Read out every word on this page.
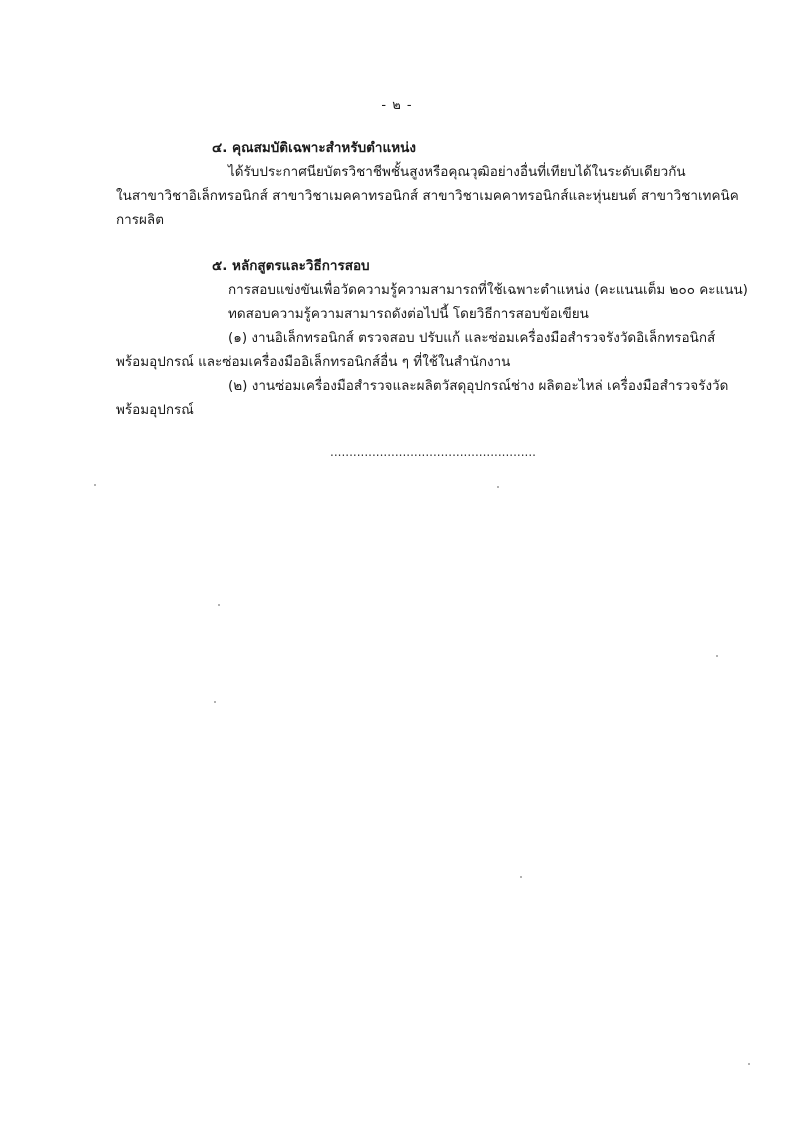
- ๒ -
๔. คุณสมบัติเฉพาะสำหรับตำแหน่ง
ได้รับประกาศนียบัตรวิชาชีพชั้นสูงหรือคุณวุฒิอย่างอื่นที่เทียบได้ในระดับเดียวกัน
ในสาขาวิชาอิเล็กทรอนิกส์ สาขาวิชาเมคคาทรอนิกส์ สาขาวิชาเมคคาทรอนิกส์และหุ่นยนต์ สาขาวิชาเทคนิค
การผลิต
๕. หลักสูตรและวิธีการสอบ
การสอบแข่งขันเพื่อวัดความรู้ความสามารถที่ใช้เฉพาะตำแหน่ง (คะแนนเต็ม ๒๐๐ คะแนน)
ทดสอบความรู้ความสามารถดังต่อไปนี้ โดยวิธีการสอบข้อเขียน
(๑) งานอิเล็กทรอนิกส์ ตรวจสอบ ปรับแก้ และซ่อมเครื่องมือสำรวจรังวัดอิเล็กทรอนิกส์
พร้อมอุปกรณ์ และซ่อมเครื่องมืออิเล็กทรอนิกส์อื่น ๆ ที่ใช้ในสำนักงาน
(๒) งานซ่อมเครื่องมือสำรวจและผลิตวัสดุอุปกรณ์ช่าง ผลิตอะไหล่ เครื่องมือสำรวจรังวัด
พร้อมอุปกรณ์
......................................................
